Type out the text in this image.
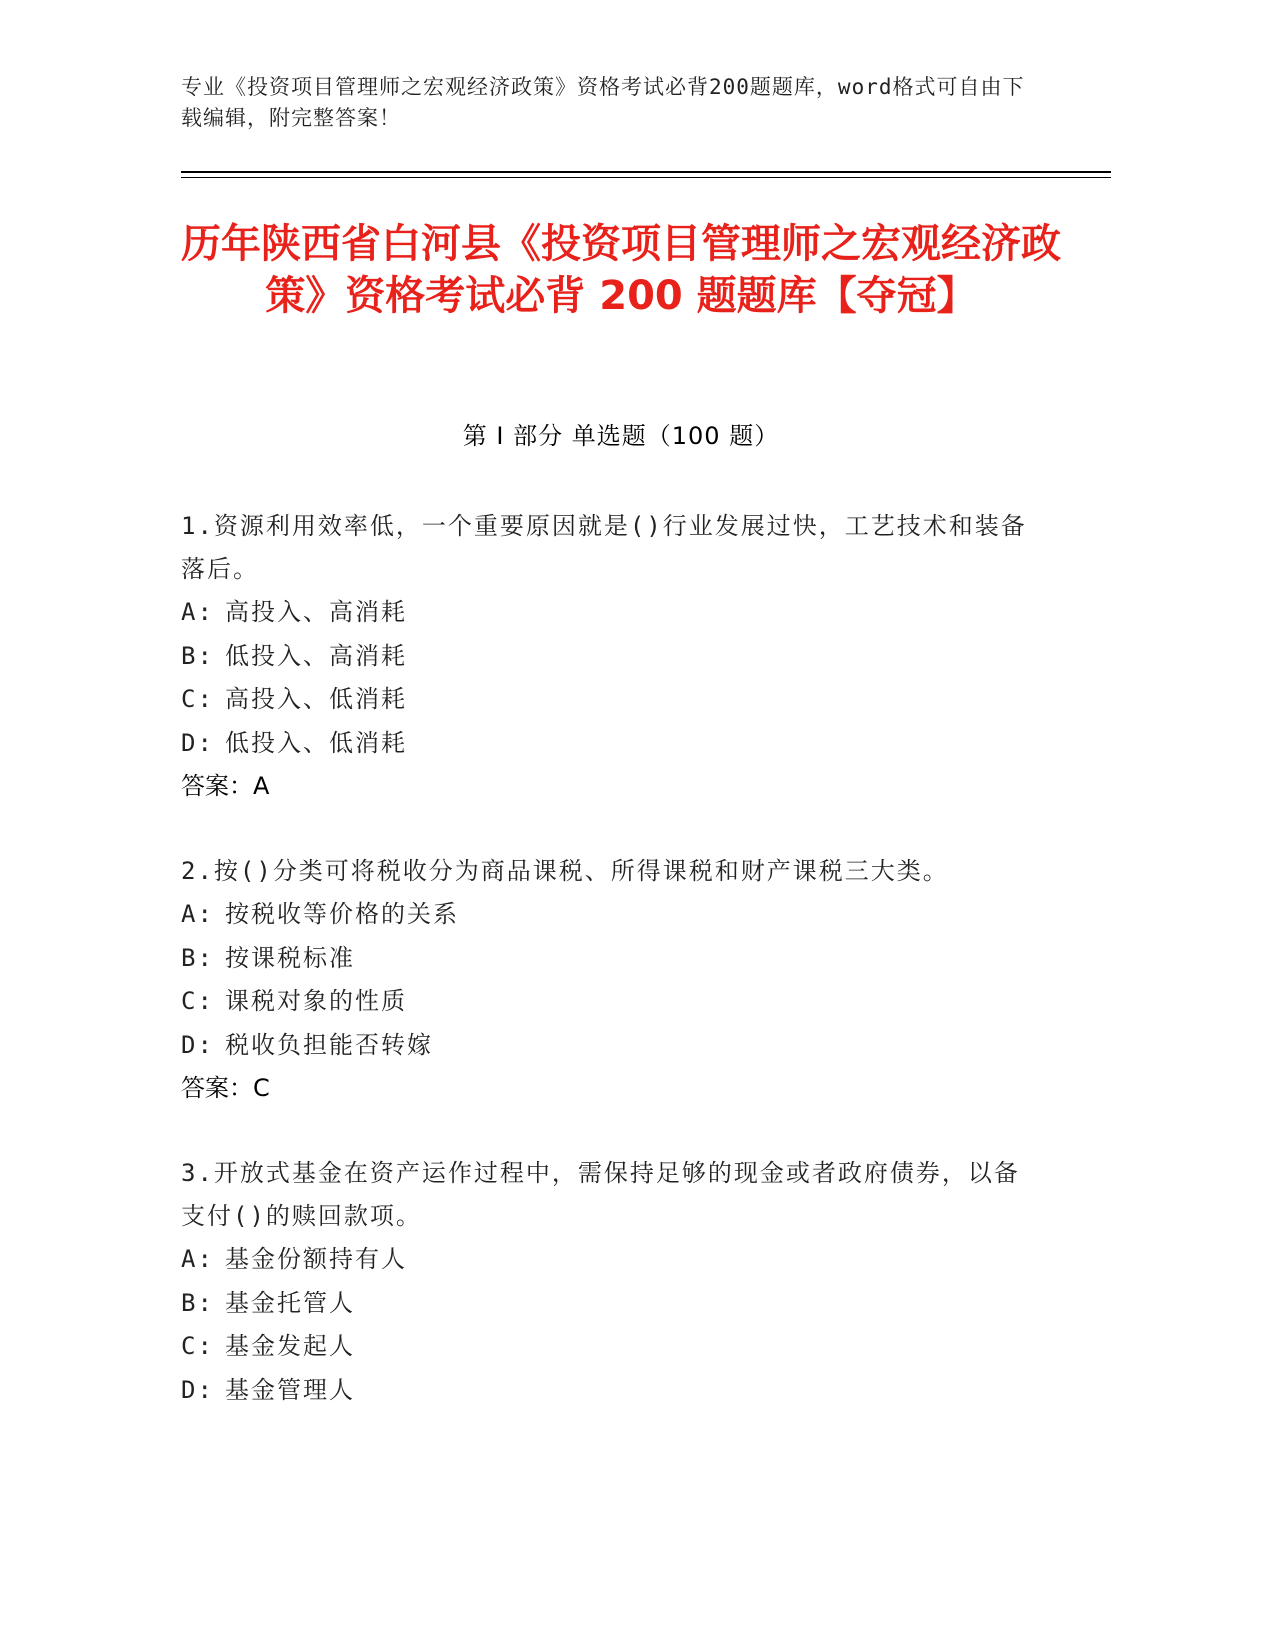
专业《投资项目管理师之宏观经济政策》资格考试必背200题题库，word格式可自由下载编辑，附完整答案！
历年陕西省白河县《投资项目管理师之宏观经济政策》资格考试必背 200 题题库【夺冠】
第 I 部分 单选题（100 题）

1.资源利用效率低，一个重要原因就是()行业发展过快，工艺技术和装备落后。

A: 高投入、高消耗
B: 低投入、高消耗
C: 高投入、低消耗
D: 低投入、低消耗

答案：A

2.按()分类可将税收分为商品课税、所得课税和财产课税三大类。

A: 按税收等价格的关系
B: 按课税标准
C: 课税对象的性质
D: 税收负担能否转嫁

答案：C

3.开放式基金在资产运作过程中，需保持足够的现金或者政府债券，以备支付()的赎回款项。

A: 基金份额持有人
B: 基金托管人
C: 基金发起人
D: 基金管理人
